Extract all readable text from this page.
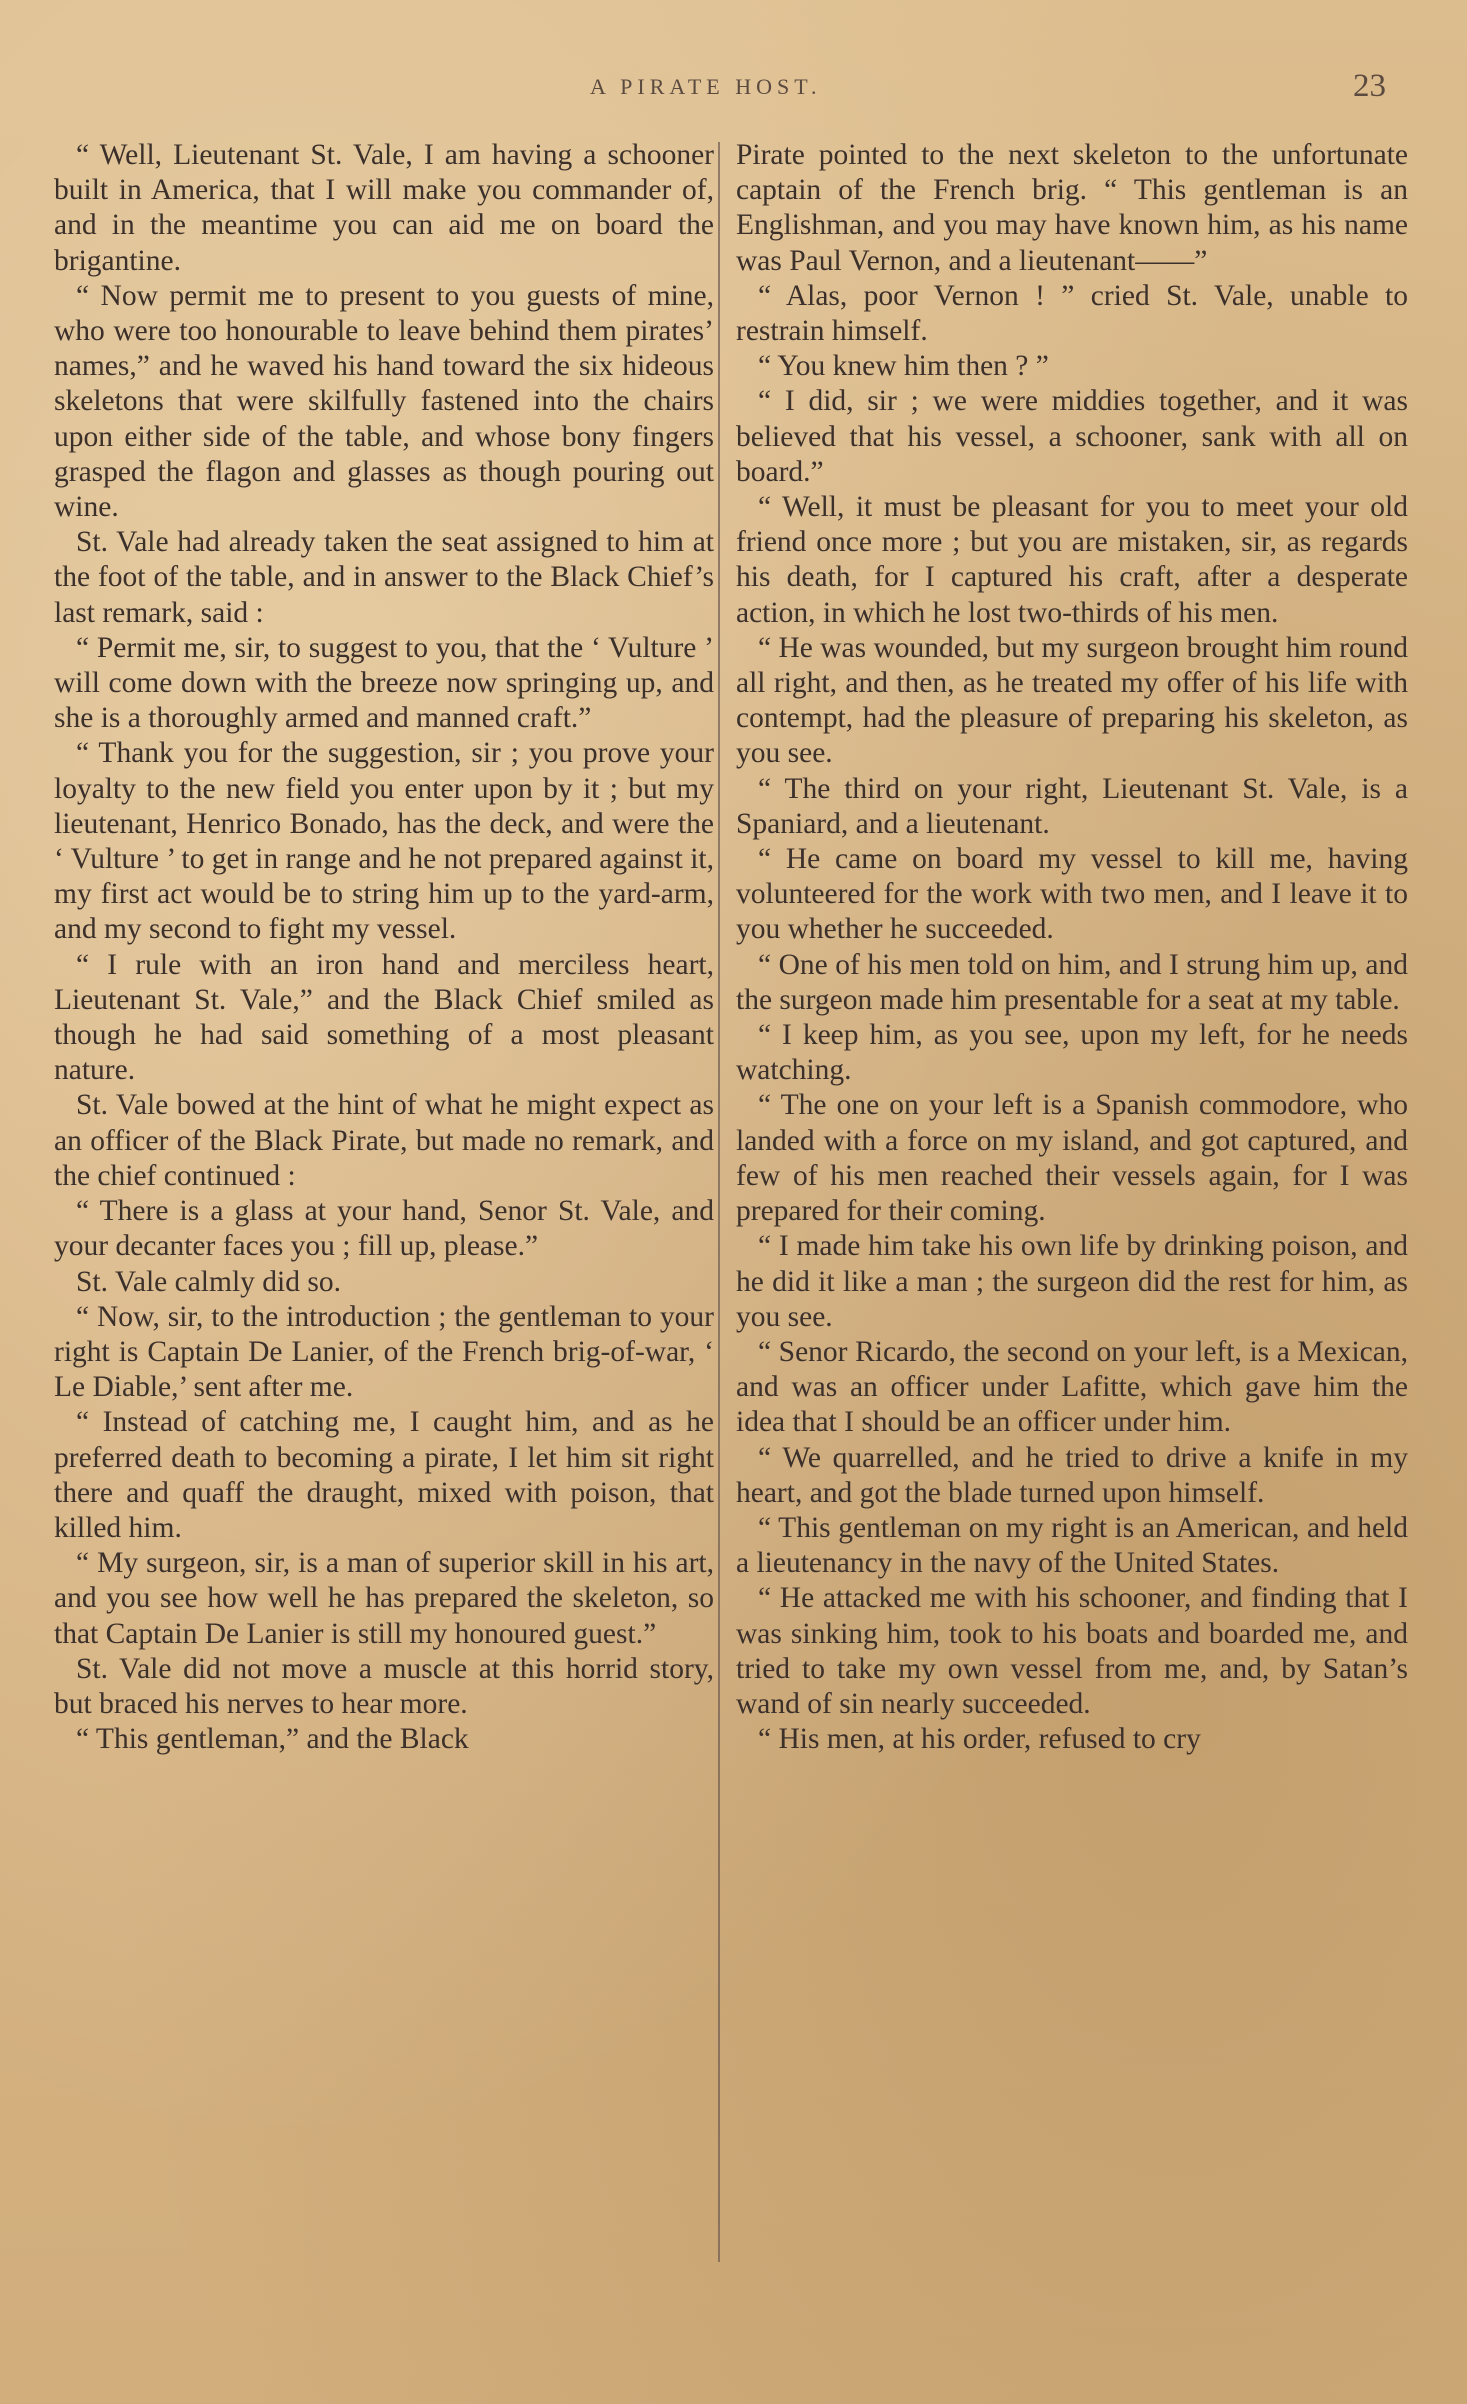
A PIRATE HOST.	23

“ Well, Lieutenant St. Vale, I am having a schooner built in America, that I will make you commander of, and in the meantime you can aid me on board the brigantine.

“ Now permit me to present to you guests of mine, who were too honourable to leave behind them pirates’ names,” and he waved his hand toward the six hideous skeletons that were skilfully fastened into the chairs upon either side of the table, and whose bony fingers grasped the flagon and glasses as though pouring out wine.

St. Vale had already taken the seat assigned to him at the foot of the table, and in answer to the Black Chief’s last remark, said :

“ Permit me, sir, to suggest to you, that the ‘ Vulture ’ will come down with the breeze now springing up, and she is a thoroughly armed and manned craft.”

“ Thank you for the suggestion, sir ; you prove your loyalty to the new field you enter upon by it ; but my lieutenant, Henrico Bonado, has the deck, and were the ‘ Vulture ’ to get in range and he not prepared against it, my first act would be to string him up to the yard-arm, and my second to fight my vessel.

“ I rule with an iron hand and merciless heart, Lieutenant St. Vale,” and the Black Chief smiled as though he had said something of a most pleasant nature.

St. Vale bowed at the hint of what he might expect as an officer of the Black Pirate, but made no remark, and the chief continued :

“ There is a glass at your hand, Senor St. Vale, and your decanter faces you ; fill up, please.”

St. Vale calmly did so.

“ Now, sir, to the introduction ; the gentleman to your right is Captain De Lanier, of the French brig-of-war, ‘ Le Diable,’ sent after me.

“ Instead of catching me, I caught him, and as he preferred death to becoming a pirate, I let him sit right there and quaff the draught, mixed with poison, that killed him.

“ My surgeon, sir, is a man of superior skill in his art, and you see how well he has prepared the skeleton, so that Captain De Lanier is still my honoured guest.”

St. Vale did not move a muscle at this horrid story, but braced his nerves to hear more.

“ This gentleman,” and the Black

Pirate pointed to the next skeleton to the unfortunate captain of the French brig. “ This gentleman is an Englishman, and you may have known him, as his name was Paul Vernon, and a lieutenant——”

“ Alas, poor Vernon ! ” cried St. Vale, unable to restrain himself.

“ You knew him then ? ”

“ I did, sir ; we were middies together, and it was believed that his vessel, a schooner, sank with all on board.”

“ Well, it must be pleasant for you to meet your old friend once more ; but you are mistaken, sir, as regards his death, for I captured his craft, after a desperate action, in which he lost two-thirds of his men.

“ He was wounded, but my surgeon brought him round all right, and then, as he treated my offer of his life with contempt, had the pleasure of preparing his skeleton, as you see.

“ The third on your right, Lieutenant St. Vale, is a Spaniard, and a lieutenant.

“ He came on board my vessel to kill me, having volunteered for the work with two men, and I leave it to you whether he succeeded.

“ One of his men told on him, and I strung him up, and the surgeon made him presentable for a seat at my table.

“ I keep him, as you see, upon my left, for he needs watching.

“ The one on your left is a Spanish commodore, who landed with a force on my island, and got captured, and few of his men reached their vessels again, for I was prepared for their coming.

“ I made him take his own life by drinking poison, and he did it like a man ; the surgeon did the rest for him, as you see.

“ Senor Ricardo, the second on your left, is a Mexican, and was an officer under Lafitte, which gave him the idea that I should be an officer under him.

“ We quarrelled, and he tried to drive a knife in my heart, and got the blade turned upon himself.

“ This gentleman on my right is an American, and held a lieutenancy in the navy of the United States.

“ He attacked me with his schooner, and finding that I was sinking him, took to his boats and boarded me, and tried to take my own vessel from me, and, by Satan’s wand of sin nearly succeeded.

“ His men, at his order, refused to cry
